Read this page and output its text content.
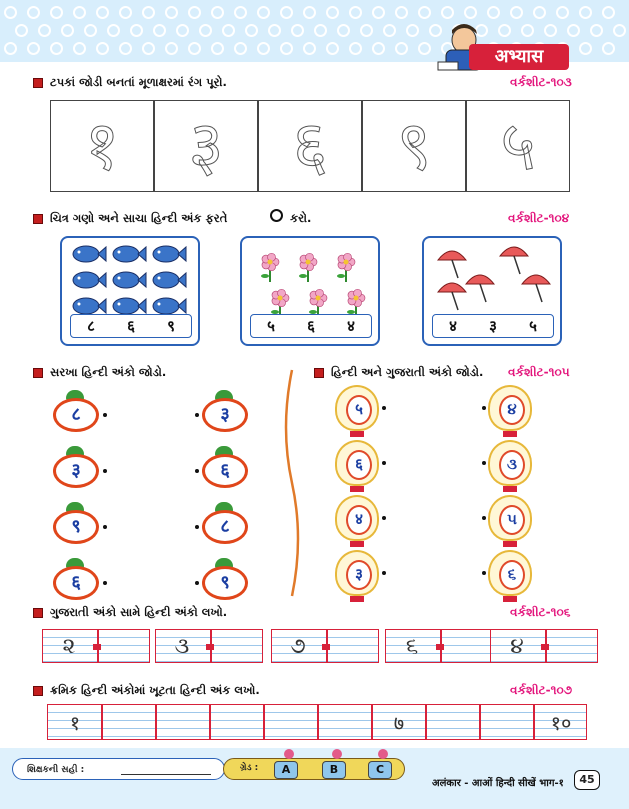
अभ्यास
ટપકાં જોડી બનતાં મૂળાક્ષરમાં રંગ પૂરો.	વર્કશીટ-૧૦૩
१	३	६	९	५
ચિત્ર ગણો અને સાચા હિન્દી અંક ફરતે	કરો.	વર્કશીટ-૧૦૪
८ ६ ९	५ ६ ४	४ ३ ५
સરખા હિન્દી અંકો જોડો.
८
३
९
६
३
६
८
९
હિન્દી અને ગુજરાતી અંકો જોડો. વર્કશીટ-૧૦૫
५
६
४
३
૪
૩
૫
૬
ગુજરાતી અંકો સામે હિન્દી અંકો લખો.	વર્કશીટ-૧૦૬
૨	૩	૭	૬	૪
ક્રમિક હિન્દી અંકોમાં ખૂટતા હિન્દી અંક લખો.	વર્કશીટ-૧૦૭
१	७	१०
શિક્ષકની સહી :	ગ્રેડ :	A	B	C
अलंकार - आओं हिन्दी सीखें भाग-१	45
